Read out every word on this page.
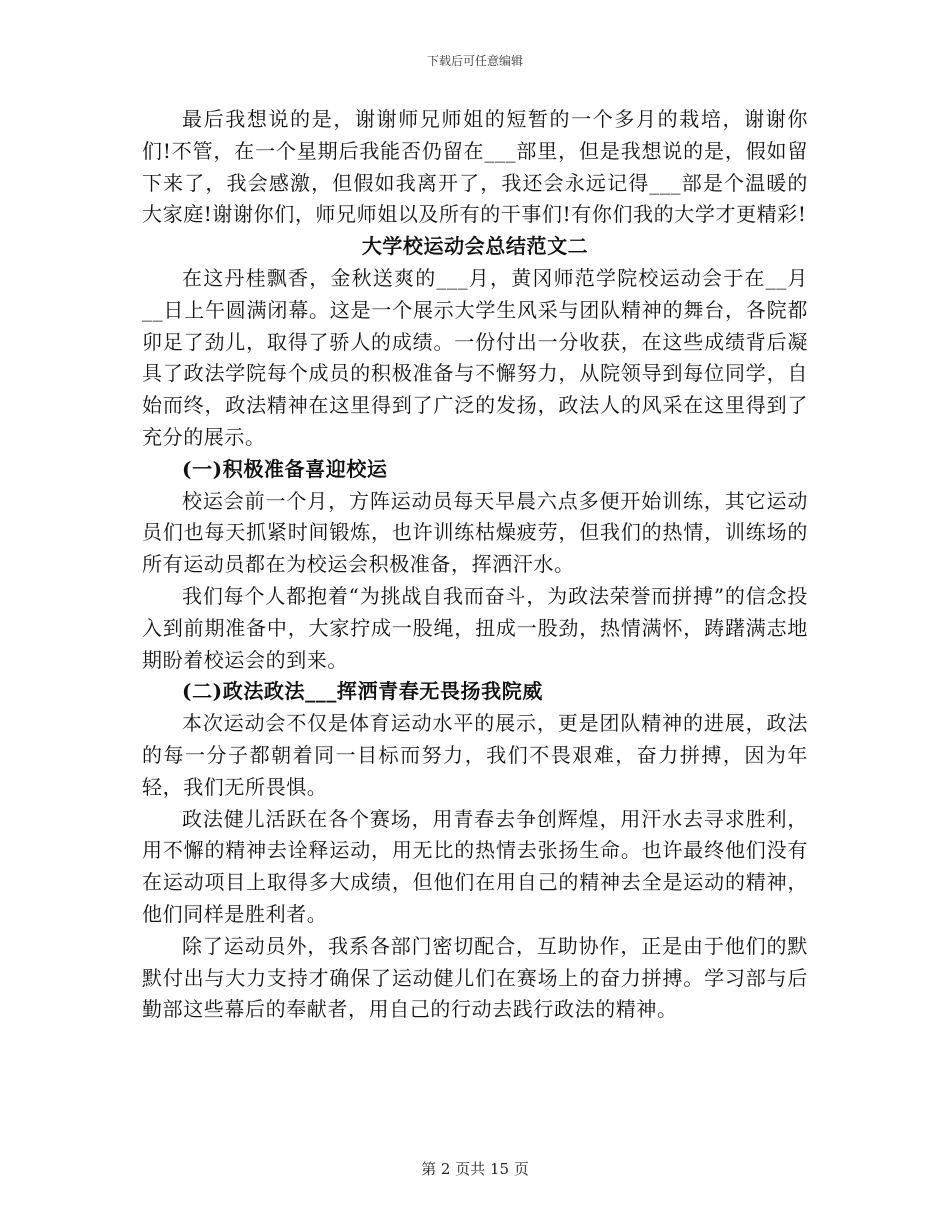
下载后可任意编辑

最后我想说的是，谢谢师兄师姐的短暂的一个多月的栽培，谢谢你们!不管，在一个星期后我能否仍留在___部里，但是我想说的是，假如留下来了，我会感激，但假如我离开了，我还会永远记得___部是个温暖的大家庭!谢谢你们，师兄师姐以及所有的干事们!有你们我的大学才更精彩!

大学校运动会总结范文二

在这丹桂飘香，金秋送爽的___月，黄冈师范学院校运动会于在__月__日上午圆满闭幕。这是一个展示大学生风采与团队精神的舞台，各院都卯足了劲儿，取得了骄人的成绩。一份付出一分收获，在这些成绩背后凝具了政法学院每个成员的积极准备与不懈努力，从院领导到每位同学，自始而终，政法精神在这里得到了广泛的发扬，政法人的风采在这里得到了充分的展示。

(一)积极准备喜迎校运

校运会前一个月，方阵运动员每天早晨六点多便开始训练，其它运动员们也每天抓紧时间锻炼，也许训练枯燥疲劳，但我们的热情，训练场的所有运动员都在为校运会积极准备，挥洒汗水。

我们每个人都抱着“为挑战自我而奋斗，为政法荣誉而拼搏”的信念投入到前期准备中，大家拧成一股绳，扭成一股劲，热情满怀，踌躇满志地期盼着校运会的到来。

(二)政法政法___挥洒青春无畏扬我院威

本次运动会不仅是体育运动水平的展示，更是团队精神的进展，政法的每一分子都朝着同一目标而努力，我们不畏艰难，奋力拼搏，因为年轻，我们无所畏惧。

政法健儿活跃在各个赛场，用青春去争创辉煌，用汗水去寻求胜利，用不懈的精神去诠释运动，用无比的热情去张扬生命。也许最终他们没有在运动项目上取得多大成绩，但他们在用自己的精神去全是运动的精神，他们同样是胜利者。

除了运动员外，我系各部门密切配合，互助协作，正是由于他们的默默付出与大力支持才确保了运动健儿们在赛场上的奋力拼搏。学习部与后勤部这些幕后的奉献者，用自己的行动去践行政法的精神。

第 2 页共 15 页
